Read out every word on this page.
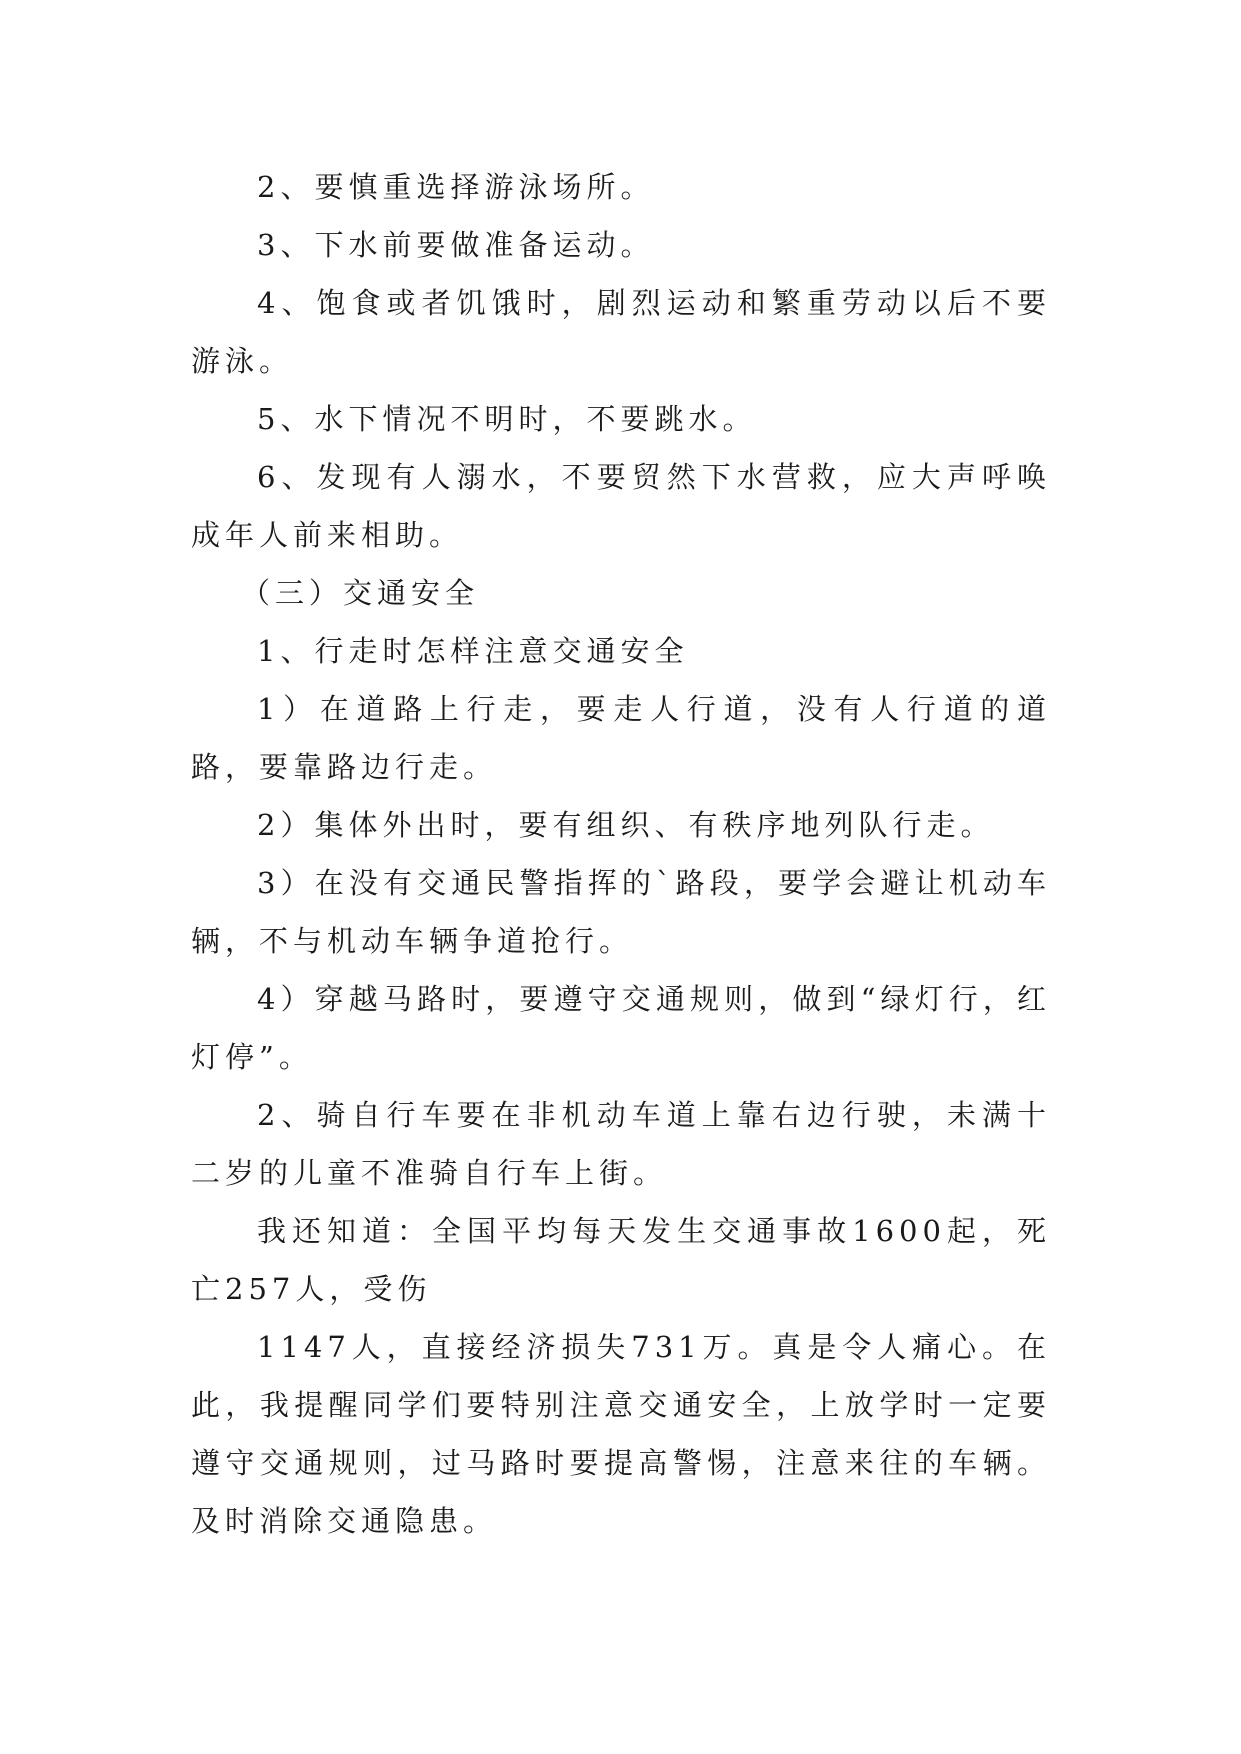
2、要慎重选择游泳场所。

3、下水前要做准备运动。

4、饱食或者饥饿时，剧烈运动和繁重劳动以后不要游泳。

5、水下情况不明时，不要跳水。

6、发现有人溺水，不要贸然下水营救，应大声呼唤成年人前来相助。

（三）交通安全

1、行走时怎样注意交通安全

1）在道路上行走，要走人行道，没有人行道的道路，要靠路边行走。

2）集体外出时，要有组织、有秩序地列队行走。

3）在没有交通民警指挥的`路段，要学会避让机动车辆，不与机动车辆争道抢行。

4）穿越马路时，要遵守交通规则，做到“绿灯行，红灯停”。

2、骑自行车要在非机动车道上靠右边行驶，未满十二岁的儿童不准骑自行车上街。

我还知道：全国平均每天发生交通事故1600起，死亡257人，受伤

1147人，直接经济损失731万。真是令人痛心。在此，我提醒同学们要特别注意交通安全，上放学时一定要遵守交通规则，过马路时要提高警惕，注意来往的车辆。及时消除交通隐患。
